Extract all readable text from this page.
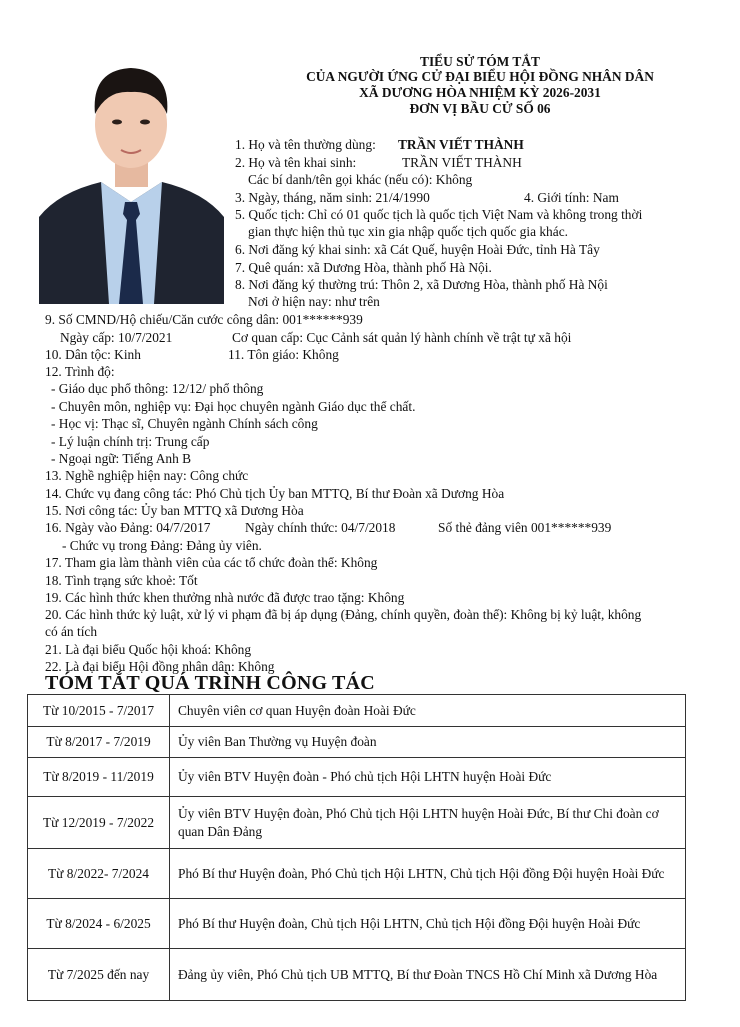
TIỂU SỬ TÓM TẮT
CỦA NGƯỜI ỨNG CỬ ĐẠI BIỂU HỘI ĐỒNG NHÂN DÂN
XÃ DƯƠNG HÒA NHIỆM KỲ 2026-2031
ĐƠN VỊ BẦU CỬ SỐ 06
1. Họ và tên thường dùng: TRẦN VIẾT THÀNH
2. Họ và tên khai sinh:	TRẦN VIẾT THÀNH
Các bí danh/tên gọi khác (nếu có): Không
3. Ngày, tháng, năm sinh: 21/4/1990	4. Giới tính: Nam
5. Quốc tịch: Chỉ có 01 quốc tịch là quốc tịch Việt Nam và không trong thời
gian thực hiện thủ tục xin gia nhập quốc tịch quốc gia khác.
6. Nơi đăng ký khai sinh: xã Cát Quế, huyện Hoài Đức, tỉnh Hà Tây
7. Quê quán: xã Dương Hòa, thành phố Hà Nội.
8. Nơi đăng ký thường trú: Thôn 2, xã Dương Hòa, thành phố Hà Nội
Nơi ở hiện nay: như trên
9. Số CMND/Hộ chiếu/Căn cước công dân: 001******939
Ngày cấp: 10/7/2021	Cơ quan cấp: Cục Cảnh sát quản lý hành chính về trật tự xã hội
10. Dân tộc: Kinh	11. Tôn giáo: Không
12. Trình độ:
- Giáo dục phổ thông: 12/12/ phổ thông
- Chuyên môn, nghiệp vụ: Đại học chuyên ngành Giáo dục thể chất.
- Học vị: Thạc sĩ, Chuyên ngành Chính sách công
- Lý luận chính trị: Trung cấp
- Ngoại ngữ: Tiếng Anh B
13. Nghề nghiệp hiện nay: Công chức
14. Chức vụ đang công tác: Phó Chủ tịch Ủy ban MTTQ, Bí thư Đoàn xã Dương Hòa
15. Nơi công tác: Ủy ban MTTQ xã Dương Hòa
16. Ngày vào Đảng: 04/7/2017	Ngày chính thức: 04/7/2018	Số thẻ đảng viên 001******939
- Chức vụ trong Đảng: Đảng ủy viên.
17. Tham gia làm thành viên của các tổ chức đoàn thể: Không
18. Tình trạng sức khoẻ: Tốt
19. Các hình thức khen thưởng nhà nước đã được trao tặng: Không
20. Các hình thức kỷ luật, xử lý vi phạm đã bị áp dụng (Đảng, chính quyền, đoàn thể): Không bị kỷ luật, không
có án tích
21. Là đại biểu Quốc hội khoá: Không
22. Là đại biểu Hội đồng nhân dân: Không
TÓM TẮT QUÁ TRÌNH CÔNG TÁC
Từ 10/2015 - 7/2017	Chuyên viên cơ quan Huyện đoàn Hoài Đức
Từ 8/2017 - 7/2019	Ủy viên Ban Thường vụ Huyện đoàn
Từ 8/2019 - 11/2019	Ủy viên BTV Huyện đoàn - Phó chủ tịch Hội LHTN huyện Hoài Đức
Từ 12/2019 - 7/2022	Ủy viên BTV Huyện đoàn, Phó Chủ tịch Hội LHTN huyện Hoài Đức, Bí thư Chi đoàn cơ quan Dân Đảng
Từ 8/2022- 7/2024	Phó Bí thư Huyện đoàn, Phó Chủ tịch Hội LHTN, Chủ tịch Hội đồng Đội huyện Hoài Đức
Từ 8/2024 - 6/2025	Phó Bí thư Huyện đoàn, Chủ tịch Hội LHTN, Chủ tịch Hội đồng Đội huyện Hoài Đức
Từ 7/2025 đến nay	Đảng ủy viên, Phó Chủ tịch UB MTTQ, Bí thư Đoàn TNCS Hồ Chí Minh xã Dương Hòa
